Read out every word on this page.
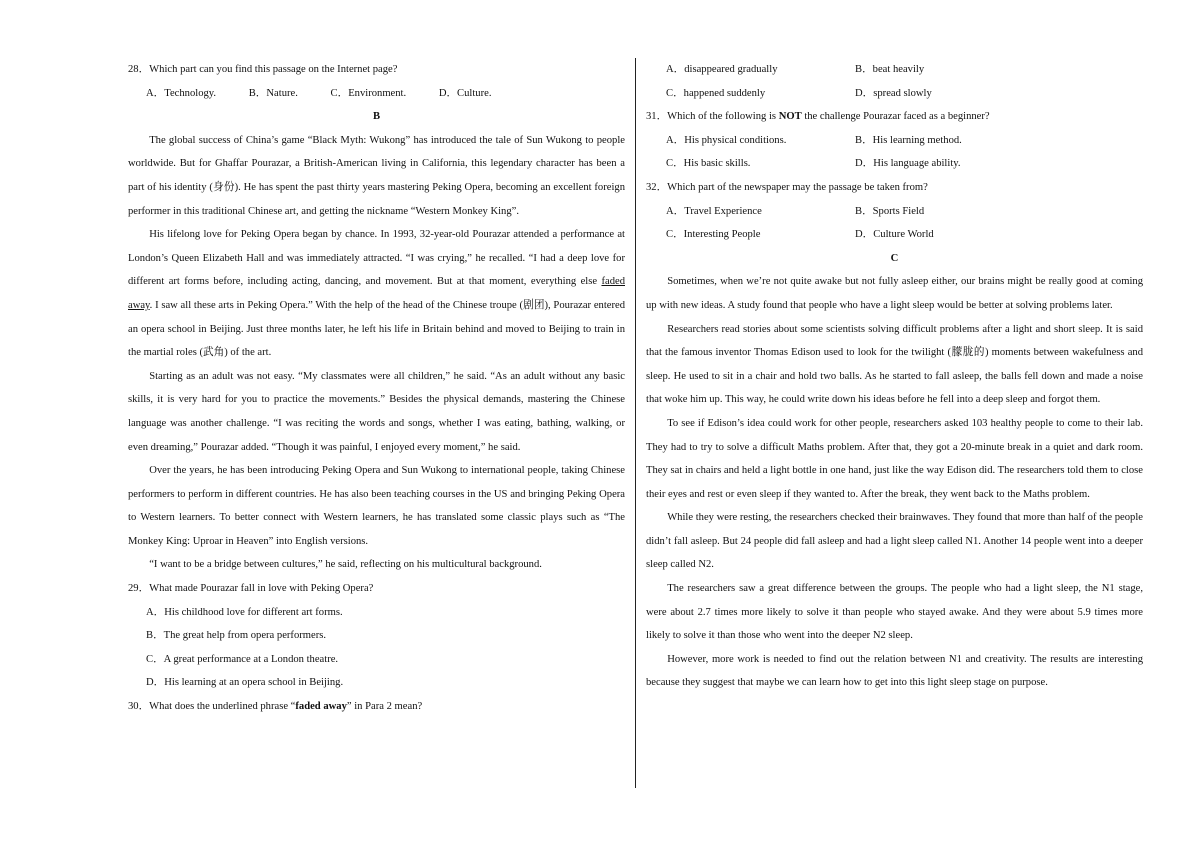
28．Which part can you find this passage on the Internet page?

A．Technology.	B．Nature.	C．Environment.	D．Culture.

B

The global success of China’s game “Black Myth: Wukong” has introduced the tale of Sun Wukong to people worldwide. But for Ghaffar Pourazar, a British-American living in California, this legendary character has been a part of his identity (身份). He has spent the past thirty years mastering Peking Opera, becoming an excellent foreign performer in this traditional Chinese art, and getting the nickname “Western Monkey King”.

His lifelong love for Peking Opera began by chance. In 1993, 32-year-old Pourazar attended a performance at London’s Queen Elizabeth Hall and was immediately attracted. “I was crying,” he recalled. “I had a deep love for different art forms before, including acting, dancing, and movement. But at that moment, everything else faded away. I saw all these arts in Peking Opera.” With the help of the head of the Chinese troupe (剧团), Pourazar entered an opera school in Beijing. Just three months later, he left his life in Britain behind and moved to Beijing to train in the martial roles (武角) of the art.

Starting as an adult was not easy. “My classmates were all children,” he said. “As an adult without any basic skills, it is very hard for you to practice the movements.” Besides the physical demands, mastering the Chinese language was another challenge. “I was reciting the words and songs, whether I was eating, bathing, walking, or even dreaming,” Pourazar added. “Though it was painful, I enjoyed every moment,” he said.

Over the years, he has been introducing Peking Opera and Sun Wukong to international people, taking Chinese performers to perform in different countries. He has also been teaching courses in the US and bringing Peking Opera to Western learners. To better connect with Western learners, he has translated some classic plays such as “The Monkey King: Uproar in Heaven” into English versions.

“I want to be a bridge between cultures,” he said, reflecting on his multicultural background.

29．What made Pourazar fall in love with Peking Opera?

A．His childhood love for different art forms.

B．The great help from opera performers.

C．A great performance at a London theatre.

D．His learning at an opera school in Beijing.

30．What does the underlined phrase “faded away” in Para 2 mean?

A．disappeared gradually	B．beat heavily
C．happened suddenly	D．spread slowly

31．Which of the following is NOT the challenge Pourazar faced as a beginner?

A．His physical conditions.	B．His learning method.
C．His basic skills.	D．His language ability.

32．Which part of the newspaper may the passage be taken from?

A．Travel Experience	B．Sports Field
C．Interesting People	D．Culture World

C

Sometimes, when we’re not quite awake but not fully asleep either, our brains might be really good at coming up with new ideas. A study found that people who have a light sleep would be better at solving problems later.

Researchers read stories about some scientists solving difficult problems after a light and short sleep. It is said that the famous inventor Thomas Edison used to look for the twilight (朦胧的) moments between wakefulness and sleep. He used to sit in a chair and hold two balls. As he started to fall asleep, the balls fell down and made a noise that woke him up. This way, he could write down his ideas before he fell into a deep sleep and forgot them.

To see if Edison’s idea could work for other people, researchers asked 103 healthy people to come to their lab. They had to try to solve a difficult Maths problem. After that, they got a 20-minute break in a quiet and dark room. They sat in chairs and held a light bottle in one hand, just like the way Edison did. The researchers told them to close their eyes and rest or even sleep if they wanted to. After the break, they went back to the Maths problem.

While they were resting, the researchers checked their brainwaves. They found that more than half of the people didn’t fall asleep. But 24 people did fall asleep and had a light sleep called N1. Another 14 people went into a deeper sleep called N2.

The researchers saw a great difference between the groups. The people who had a light sleep, the N1 stage, were about 2.7 times more likely to solve it than people who stayed awake. And they were about 5.9 times more likely to solve it than those who went into the deeper N2 sleep.

However, more work is needed to find out the relation between N1 and creativity. The results are interesting because they suggest that maybe we can learn how to get into this light sleep stage on purpose.
